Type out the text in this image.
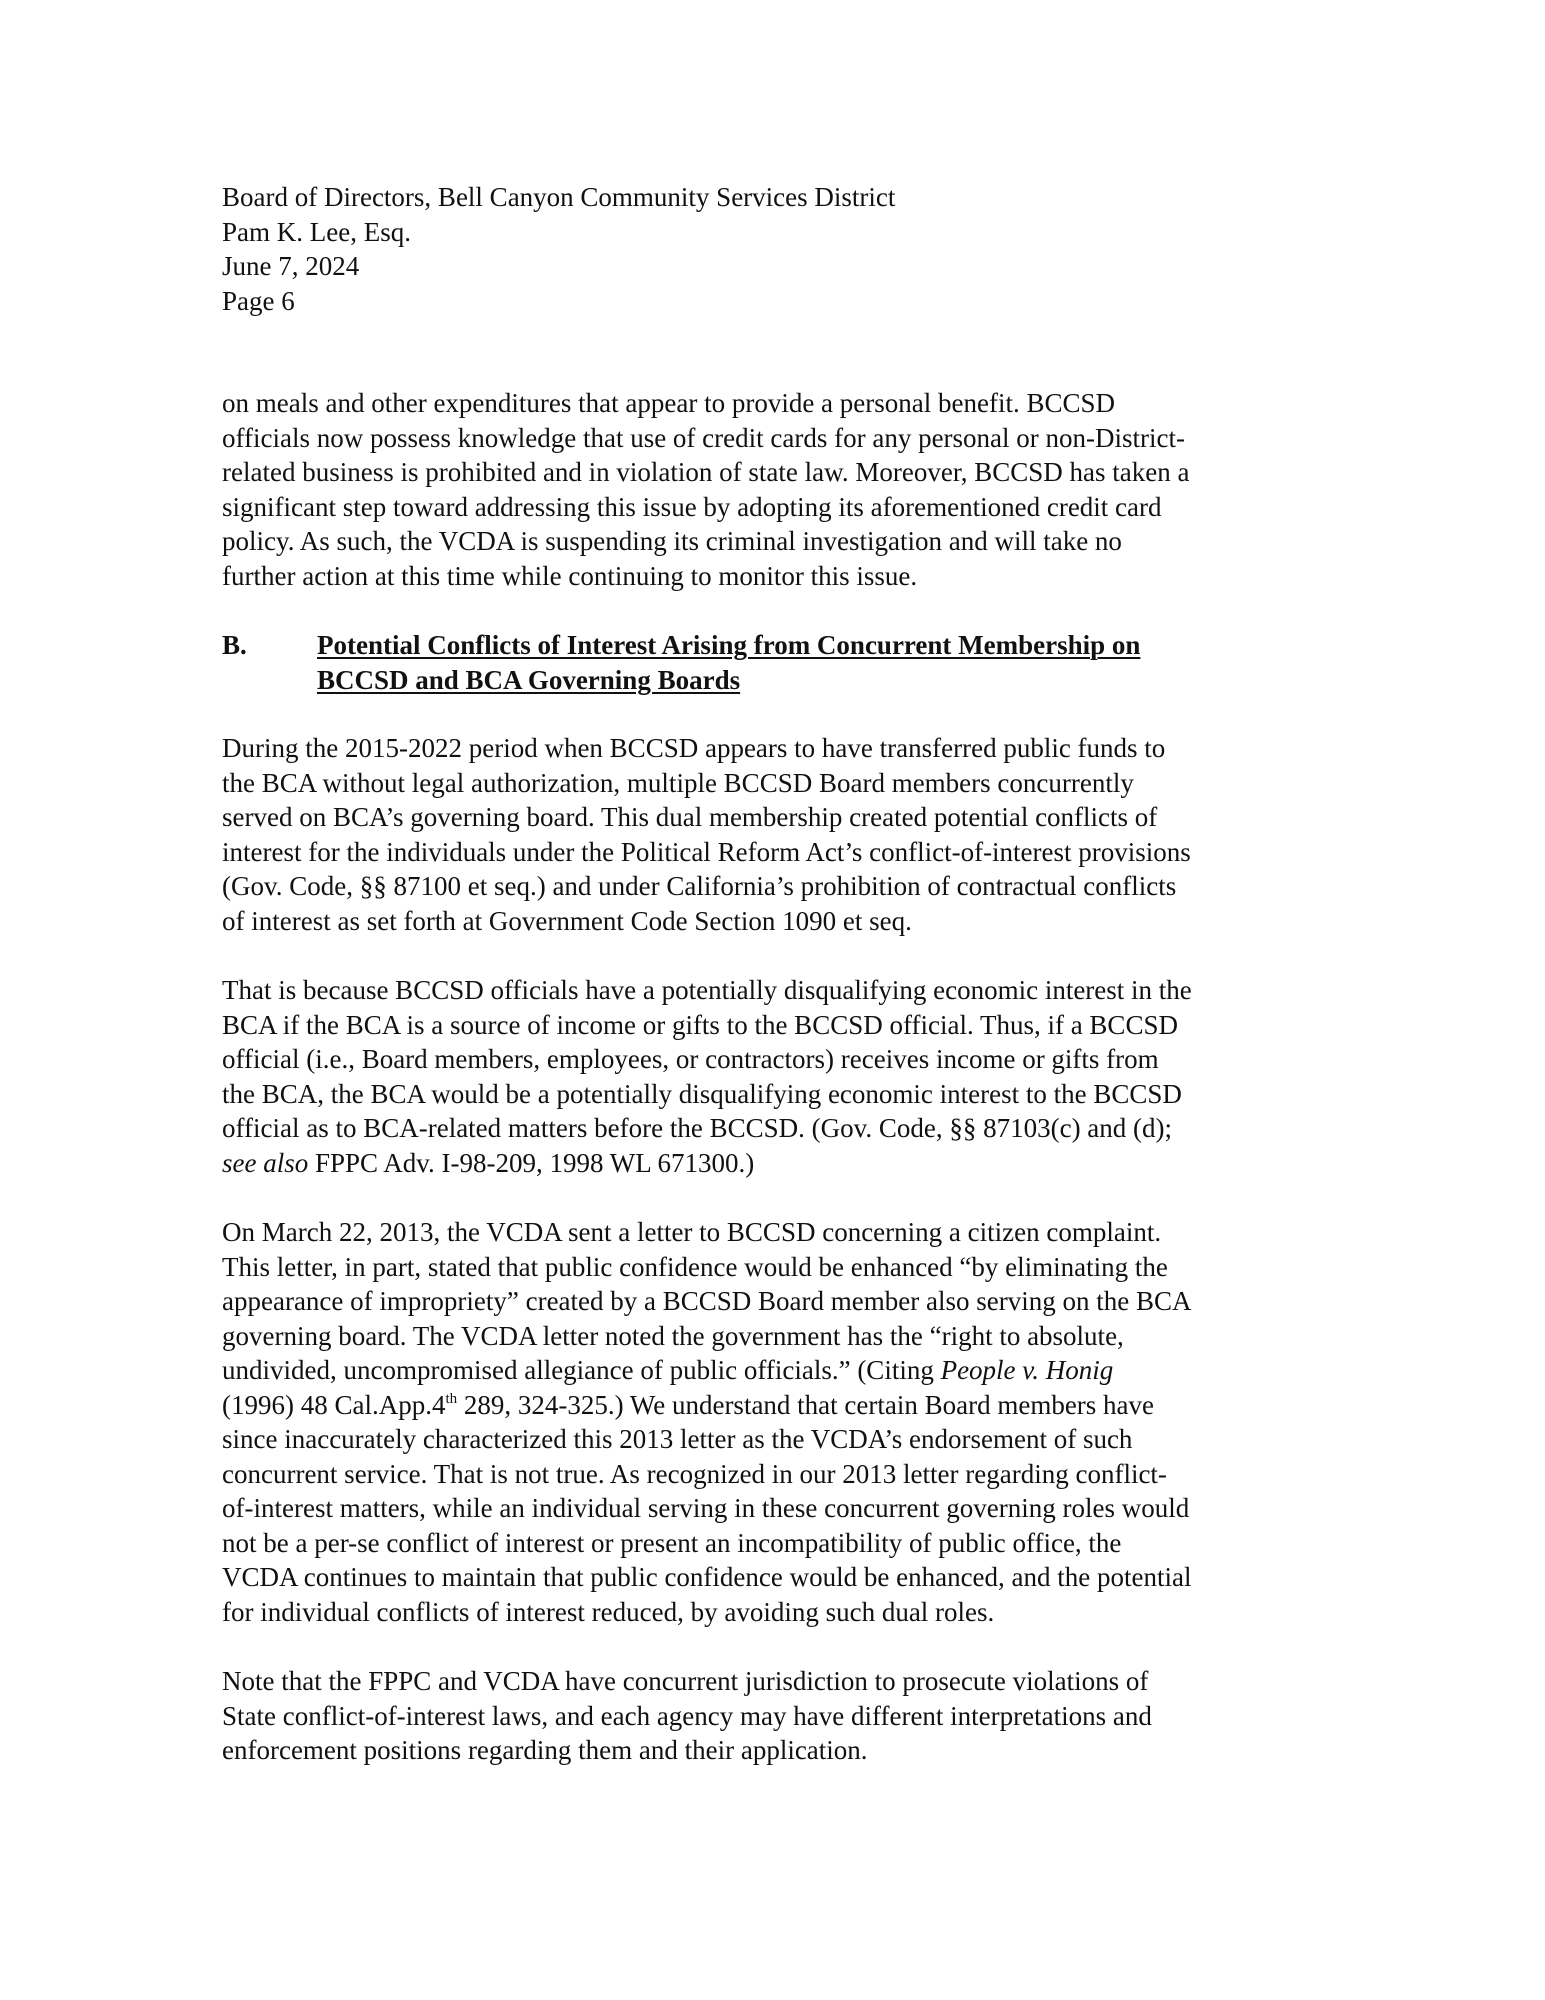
Board of Directors, Bell Canyon Community Services District
Pam K. Lee, Esq.
June 7, 2024
Page 6

on meals and other expenditures that appear to provide a personal benefit. BCCSD
officials now possess knowledge that use of credit cards for any personal or non-District-
related business is prohibited and in violation of state law. Moreover, BCCSD has taken a
significant step toward addressing this issue by adopting its aforementioned credit card
policy. As such, the VCDA is suspending its criminal investigation and will take no
further action at this time while continuing to monitor this issue.

B.	Potential Conflicts of Interest Arising from Concurrent Membership on
BCCSD and BCA Governing Boards

During the 2015-2022 period when BCCSD appears to have transferred public funds to
the BCA without legal authorization, multiple BCCSD Board members concurrently
served on BCA’s governing board. This dual membership created potential conflicts of
interest for the individuals under the Political Reform Act’s conflict-of-interest provisions
(Gov. Code, §§ 87100 et seq.) and under California’s prohibition of contractual conflicts
of interest as set forth at Government Code Section 1090 et seq.

That is because BCCSD officials have a potentially disqualifying economic interest in the
BCA if the BCA is a source of income or gifts to the BCCSD official. Thus, if a BCCSD
official (i.e., Board members, employees, or contractors) receives income or gifts from
the BCA, the BCA would be a potentially disqualifying economic interest to the BCCSD
official as to BCA-related matters before the BCCSD. (Gov. Code, §§ 87103(c) and (d);
see also FPPC Adv. I-98-209, 1998 WL 671300.)

On March 22, 2013, the VCDA sent a letter to BCCSD concerning a citizen complaint.
This letter, in part, stated that public confidence would be enhanced “by eliminating the
appearance of impropriety” created by a BCCSD Board member also serving on the BCA
governing board. The VCDA letter noted the government has the “right to absolute,
undivided, uncompromised allegiance of public officials.” (Citing People v. Honig
(1996) 48 Cal.App.4th 289, 324-325.) We understand that certain Board members have
since inaccurately characterized this 2013 letter as the VCDA’s endorsement of such
concurrent service. That is not true. As recognized in our 2013 letter regarding conflict-
of-interest matters, while an individual serving in these concurrent governing roles would
not be a per-se conflict of interest or present an incompatibility of public office, the
VCDA continues to maintain that public confidence would be enhanced, and the potential
for individual conflicts of interest reduced, by avoiding such dual roles.

Note that the FPPC and VCDA have concurrent jurisdiction to prosecute violations of
State conflict-of-interest laws, and each agency may have different interpretations and
enforcement positions regarding them and their application.
